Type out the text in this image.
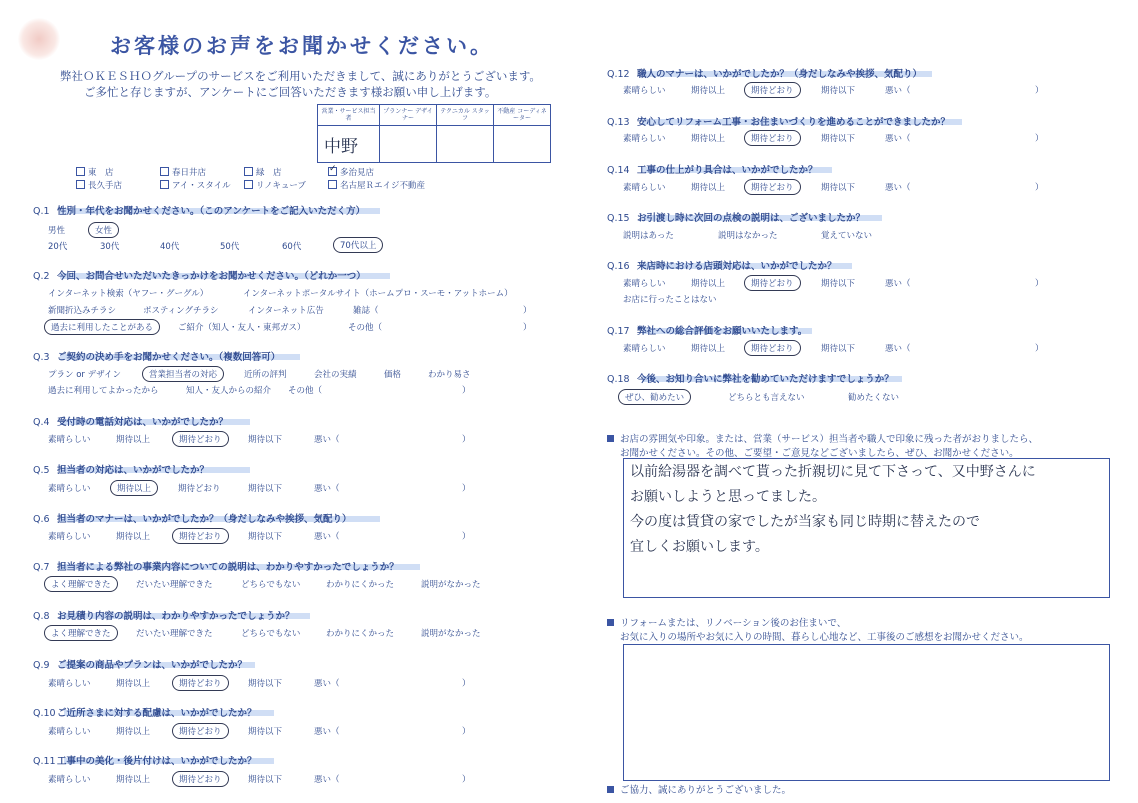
お客様のお声をお聞かせください。
弊社ＯＫＥＳＨＯグループのサービスをご利用いただきまして、誠にありがとうございます。
ご多忙と存じますが、アンケートにご回答いただきます様お願い申し上げます。
営業・サービス担当者	プランナー デザイナー	テクニカル スタッフ	不動産 コーディネーター
中野			
東　店	春日井店	緑　店 ✓	多治見店
長久手店	アイ・スタイル	リノキューブ	名古屋Ｒエイジ不動産
Q.1 性別・年代をお聞かせください。（このアンケートをご記入いただく方）
男性	女性
20代	30代	40代	50代	60代	70代以上
Q.2 今回、お問合せいただいたきっかけをお聞かせください。（どれか一つ）
インターネット検索（ヤフー・グーグル）	インターネットポータルサイト（ホームプロ・スーモ・アットホーム）
新聞折込みチラシ	ポスティングチラシ	インターネット広告	雑誌（	）
過去に利用したことがある	ご紹介（知人・友人・東邦ガス）	その他（	）
Q.3 ご契約の決め手をお聞かせください。（複数回答可）
プラン or デザイン	営業担当者の対応	近所の評判	会社の実績	価格	わかり易さ
過去に利用してよかったから	知人・友人からの紹介 その他（	）
Q.4 受付時の電話対応は、いかがでしたか？
素晴らしい	期待以上	期待どおり	期待以下	悪い（	）
Q.5 担当者の対応は、いかがでしたか？
素晴らしい	期待以上	期待どおり	期待以下	悪い（	）
Q.6 担当者のマナーは、いかがでしたか？（身だしなみや挨拶、気配り）
素晴らしい	期待以上	期待どおり	期待以下	悪い（	）
Q.7 担当者による弊社の事業内容についての説明は、わかりやすかったでしょうか？
よく理解できた	だいたい理解できた	どちらでもない	わかりにくかった	説明がなかった
Q.8 お見積り内容の説明は、わかりやすかったでしょうか？
よく理解できた	だいたい理解できた	どちらでもない	わかりにくかった	説明がなかった
Q.9 ご提案の商品やプランは、いかがでしたか？
素晴らしい	期待以上	期待どおり	期待以下	悪い（	）
Q.10ご近所さまに対する配慮は、いかがでしたか？
素晴らしい	期待以上	期待どおり	期待以下	悪い（	）
Q.11工事中の美化・後片付けは、いかがでしたか？
素晴らしい	期待以上	期待どおり	期待以下	悪い（	）
Q.12 職人のマナーは、いかがでしたか？（身だしなみや挨拶、気配り）
素晴らしい	期待以上	期待どおり	期待以下	悪い（	）
Q.13 安心してリフォーム工事・お住まいづくりを進めることができましたか？
素晴らしい	期待以上	期待どおり	期待以下	悪い（	）
Q.14 工事の仕上がり具合は、いかがでしたか？
素晴らしい	期待以上	期待どおり	期待以下	悪い（	）
Q.15 お引渡し時に次回の点検の説明は、ございましたか？
説明はあった	説明はなかった	覚えていない
Q.16 来店時における店頭対応は、いかがでしたか？
素晴らしい	期待以上	期待どおり	期待以下	悪い（	）
お店に行ったことはない
Q.17 弊社への総合評価をお願いいたします。
素晴らしい	期待以上	期待どおり	期待以下	悪い（	）
Q.18 今後、お知り合いに弊社を勧めていただけますでしょうか？
ぜひ、勧めたい	どちらとも言えない	勧めたくない
お店の雰囲気や印象。または、営業（サービス）担当者や職人で印象に残った者がおりましたら、
お聞かせください。その他、ご要望・ご意見などございましたら、ぜひ、お聞かせください。
以前給湯器を調べて貰った折親切に見て下さって、又中野さんに
お願いしようと思ってました。
今の度は賃貸の家でしたが当家も同じ時期に替えたので
宜しくお願いします。
リフォームまたは、リノベーション後のお住まいで、
お気に入りの場所やお気に入りの時間、暮らし心地など、工事後のご感想をお聞かせください。
ご協力、誠にありがとうございました。
